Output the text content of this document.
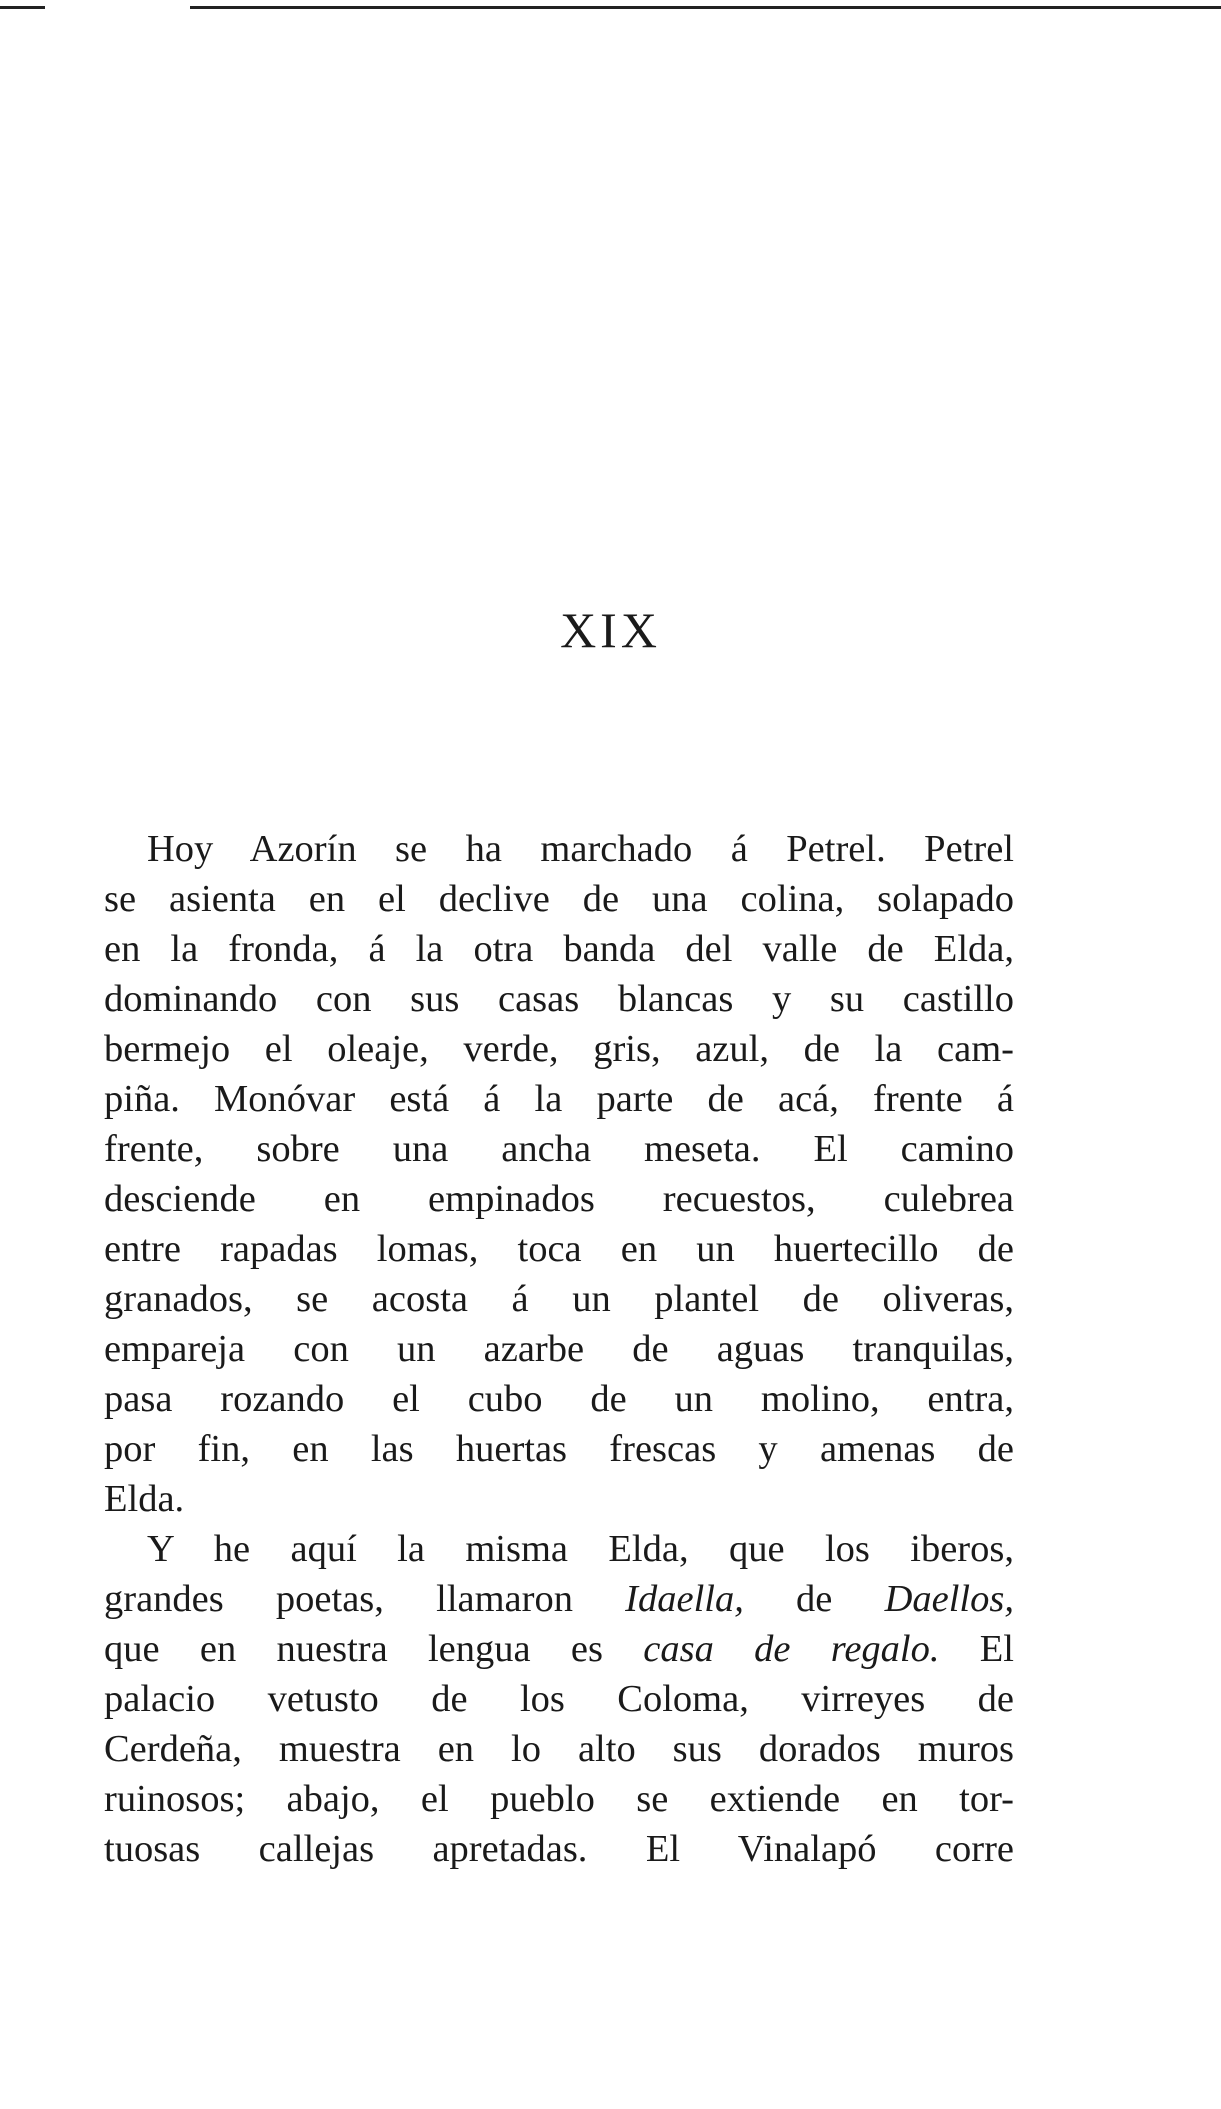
XIX
Hoy Azorín se ha marchado á Petrel. Petrel
se asienta en el declive de una colina, solapado
en la fronda, á la otra banda del valle de Elda,
dominando con sus casas blancas y su castillo
bermejo el oleaje, verde, gris, azul, de la cam-
piña. Monóvar está á la parte de acá, frente á
frente, sobre una ancha meseta. El camino
desciende en empinados recuestos, culebrea
entre rapadas lomas, toca en un huertecillo de
granados, se acosta á un plantel de oliveras,
empareja con un azarbe de aguas tranquilas,
pasa rozando el cubo de un molino, entra,
por fin, en las huertas frescas y amenas de
Elda.
Y he aquí la misma Elda, que los iberos,
grandes poetas, llamaron Idaella, de Daellos,
que en nuestra lengua es casa de regalo. El
palacio vetusto de los Coloma, virreyes de
Cerdeña, muestra en lo alto sus dorados muros
ruinosos; abajo, el pueblo se extiende en tor-
tuosas callejas apretadas. El Vinalapó corre
